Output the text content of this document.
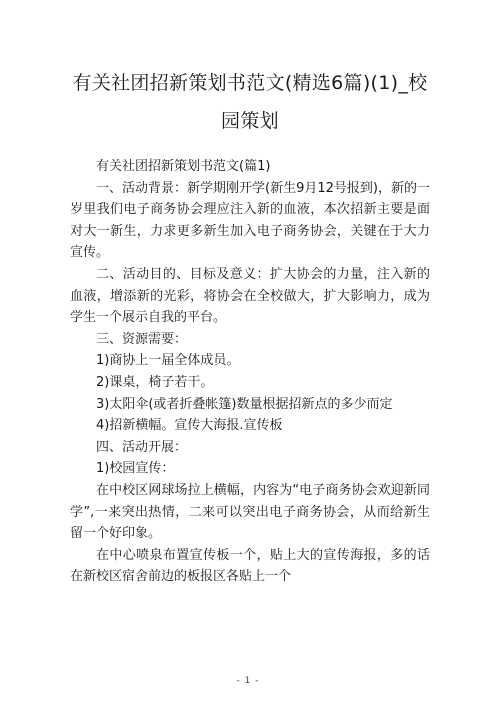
有关社团招新策划书范文(精选6篇)(1)_校园策划

有关社团招新策划书范文(篇1)

一、活动背景：新学期刚开学(新生9月12号报到)，新的一岁里我们电子商务协会理应注入新的血液，本次招新主要是面对大一新生，力求更多新生加入电子商务协会，关键在于大力宣传。

二、活动目的、目标及意义：扩大协会的力量，注入新的血液，增添新的光彩，将协会在全校做大，扩大影响力，成为学生一个展示自我的平台。

三、资源需要：

1)商协上一届全体成员。

2)课桌，椅子若干。

3)太阳伞(或者折叠帐篷)数量根据招新点的多少而定

4)招新横幅。宣传大海报.宣传板

四、活动开展：

1)校园宣传：

在中校区网球场拉上横幅，内容为“电子商务协会欢迎新同学”,一来突出热情，二来可以突出电子商务协会，从而给新生留一个好印象。

在中心喷泉布置宣传板一个，贴上大的宣传海报，多的话在新校区宿舍前边的板报区各贴上一个

- 1 -
